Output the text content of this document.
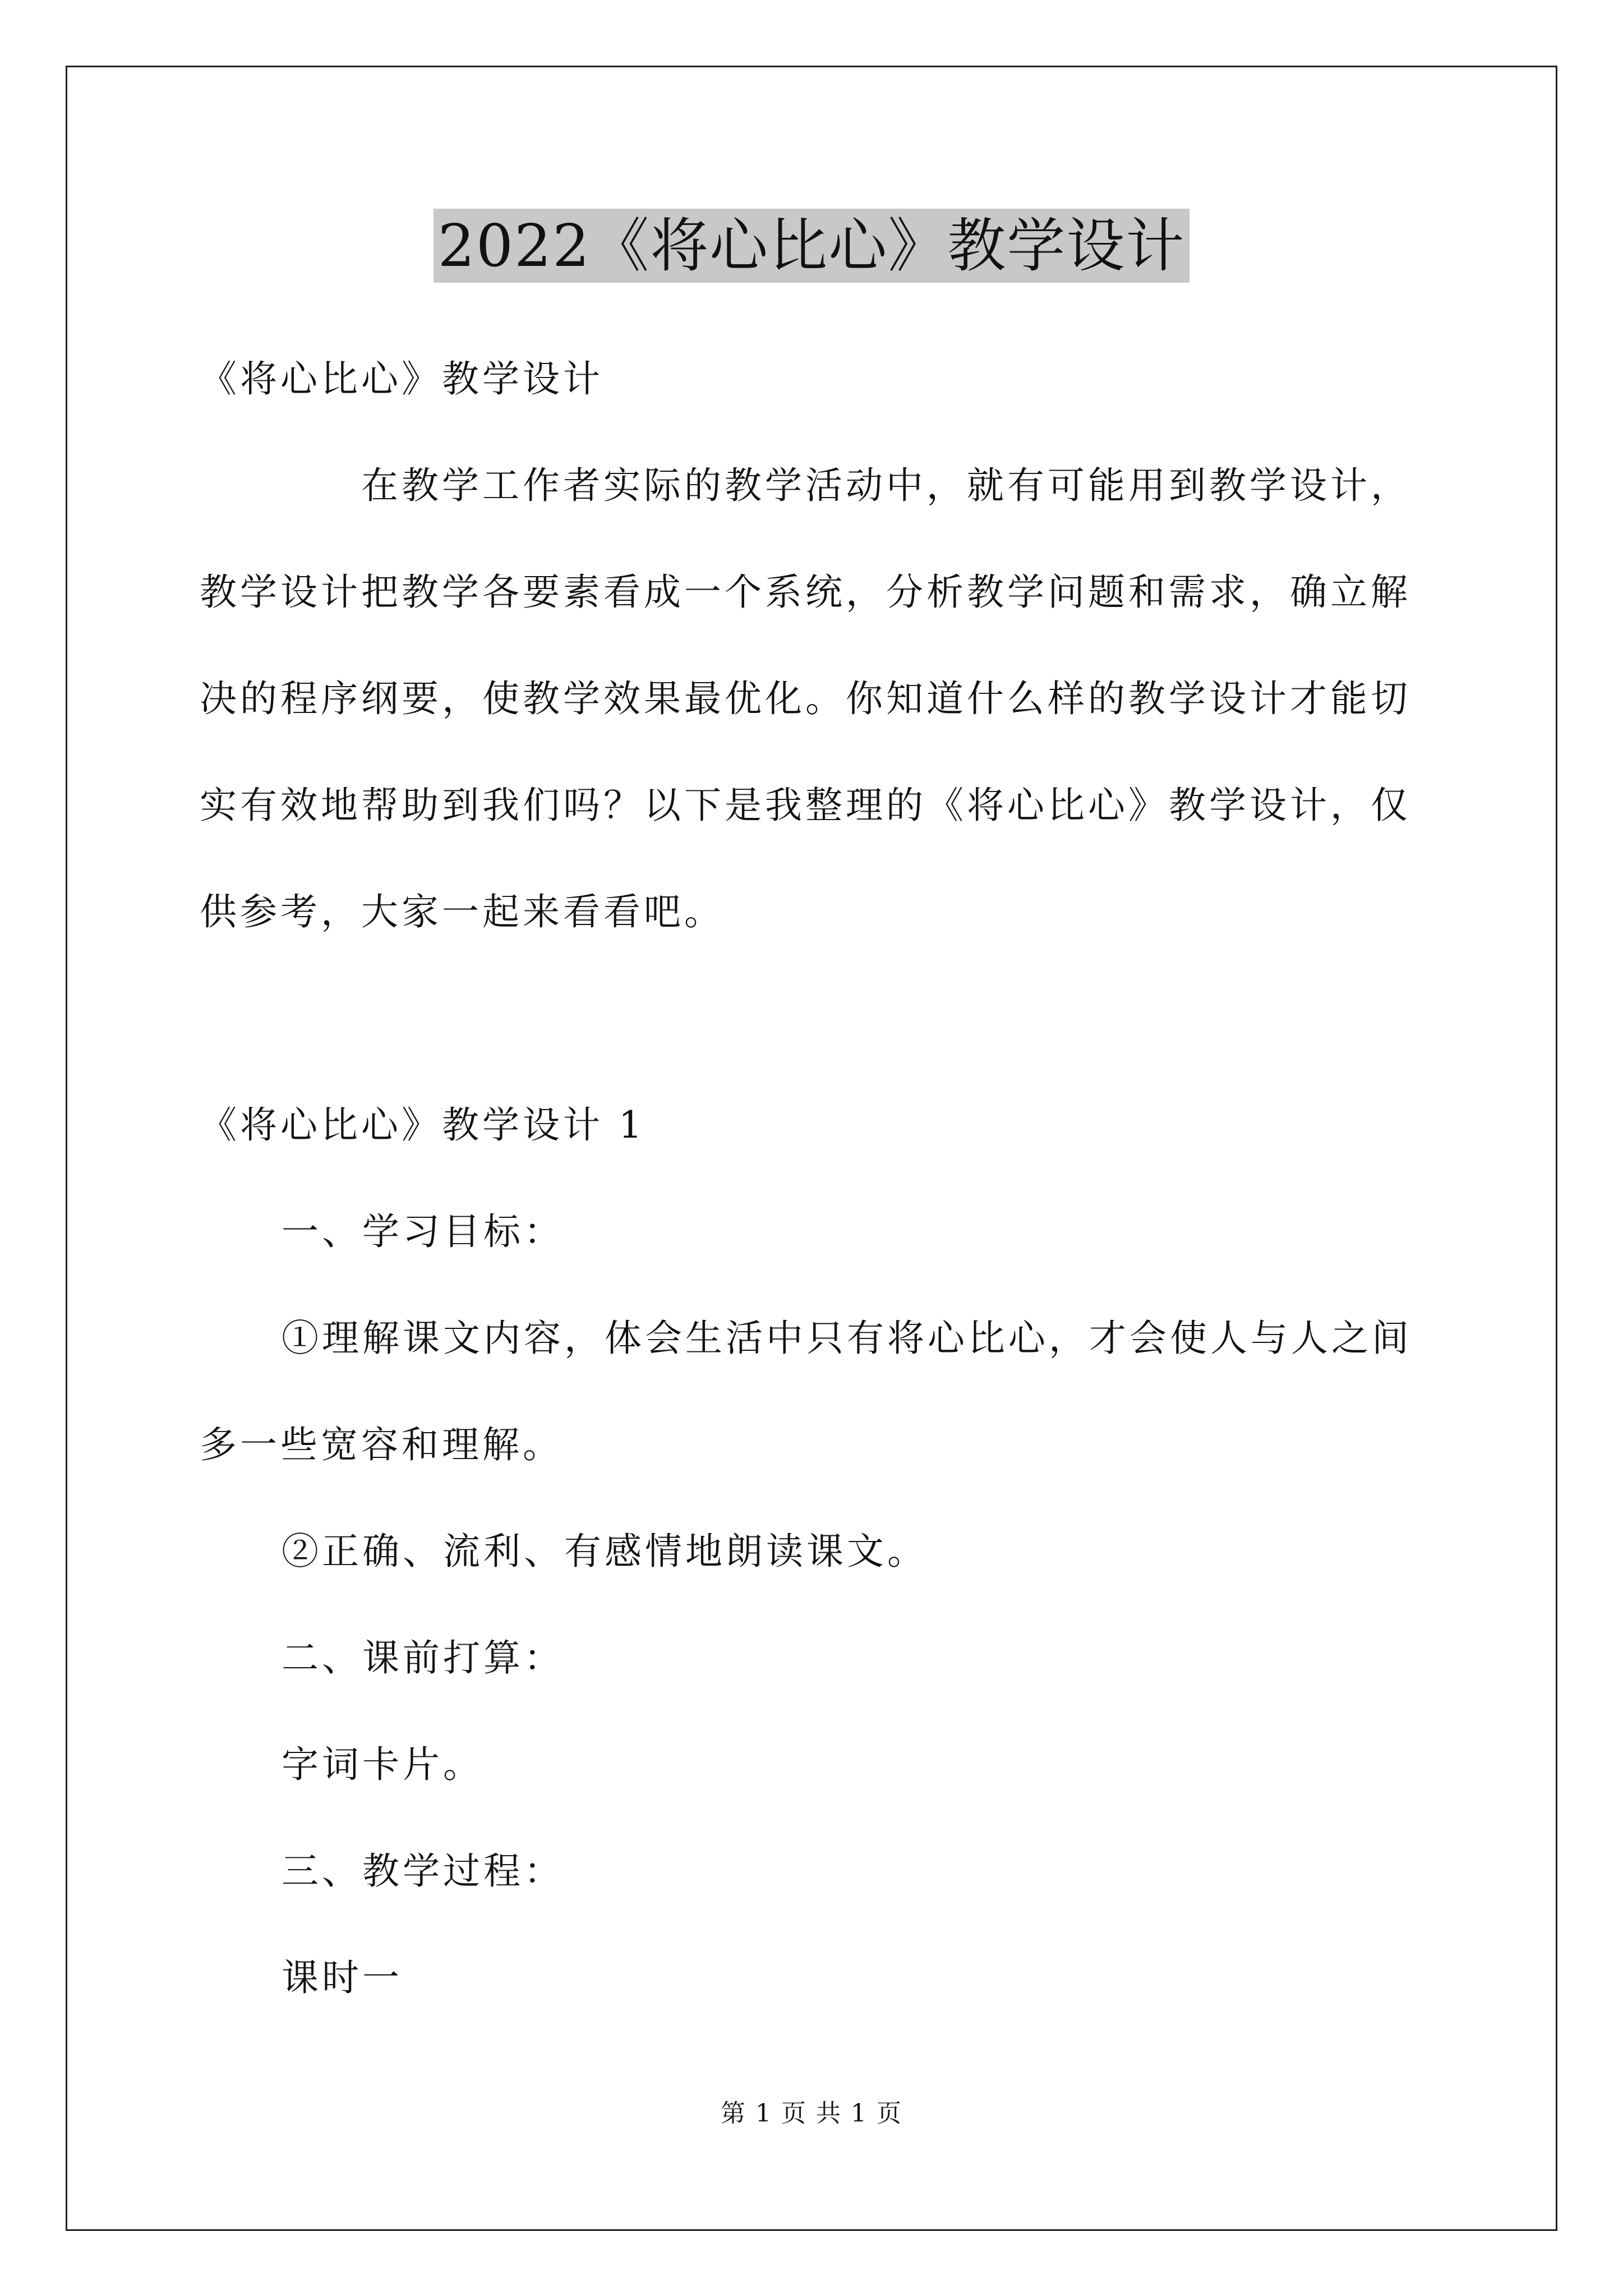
2022《将心比心》教学设计
《将心比心》教学设计
在教学工作者实际的教学活动中，就有可能用到教学设计，
教学设计把教学各要素看成一个系统，分析教学问题和需求，确立解
决的程序纲要，使教学效果最优化。你知道什么样的教学设计才能切
实有效地帮助到我们吗？以下是我整理的《将心比心》教学设计，仅
供参考，大家一起来看看吧。
《将心比心》教学设计 1
一、学习目标：
①理解课文内容，体会生活中只有将心比心，才会使人与人之间
多一些宽容和理解。
②正确、流利、有感情地朗读课文。
二、课前打算：
字词卡片。
三、教学过程：
课时一
第 1 页 共 1 页
